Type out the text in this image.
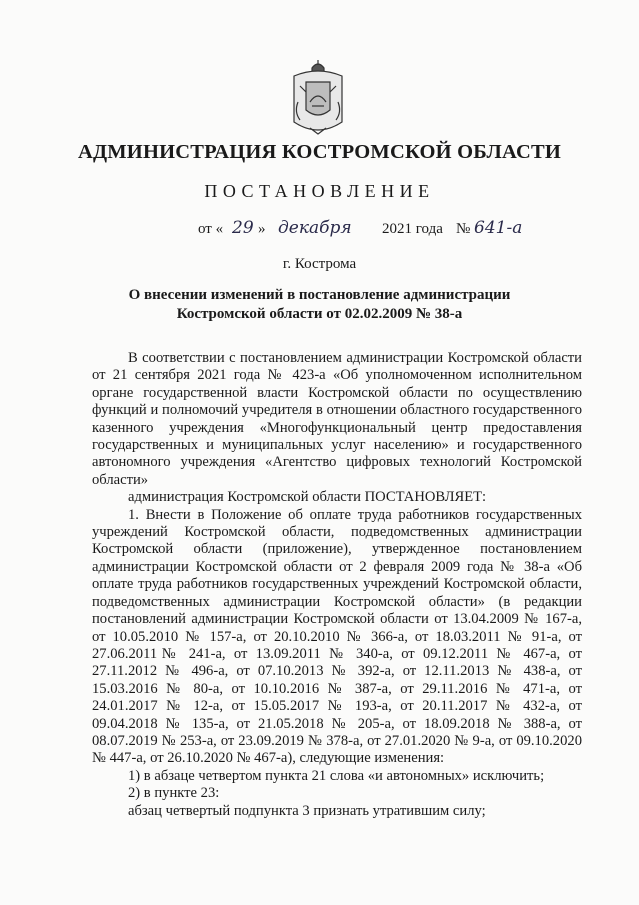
АДМИНИСТРАЦИЯ КОСТРОМСКОЙ ОБЛАСТИ
ПОСТАНОВЛЕНИЕ
от « 29 » декабря 2021 года № 641-а
г. Кострома
О внесении изменений в постановление администрации
Костромской области от 02.02.2009 № 38-а

В соответствии с постановлением администрации Костромской области от 21 сентября 2021 года № 423-а «Об уполномоченном исполнительном органе государственной власти Костромской области по осуществлению функций и полномочий учредителя в отношении областного государственного казенного учреждения «Многофункциональный центр предоставления государственных и муниципальных услуг населению» и государственного автономного учреждения «Агентство цифровых технологий Костромской области»

администрация Костромской области ПОСТАНОВЛЯЕТ:

1. Внести в Положение об оплате труда работников государственных учреждений Костромской области, подведомственных администрации Костромской области (приложение), утвержденное постановлением администрации Костромской области от 2 февраля 2009 года № 38-а «Об оплате труда работников государственных учреждений Костромской области, подведомственных администрации Костромской области» (в редакции постановлений администрации Костромской области от 13.04.2009 № 167-а, от 10.05.2010 № 157-а, от 20.10.2010 № 366-а, от 18.03.2011 № 91-а, от 27.06.2011№ 241-а, от 13.09.2011 № 340-а, от 09.12.2011 № 467-а, от 27.11.2012 № 496-а, от 07.10.2013 № 392-а, от 12.11.2013 № 438-а, от 15.03.2016 № 80-а, от 10.10.2016 № 387-а, от 29.11.2016 № 471-а, от 24.01.2017 № 12-а, от 15.05.2017 № 193-а, от 20.11.2017 № 432-а, от 09.04.2018 № 135-а, от 21.05.2018 № 205-а, от 18.09.2018 № 388-а, от 08.07.2019 № 253-а, от 23.09.2019 № 378-а, от 27.01.2020 № 9-а, от 09.10.2020 № 447-а, от 26.10.2020 № 467-а), следующие изменения:

1) в абзаце четвертом пункта 21 слова «и автономных» исключить;

2) в пункте 23:

абзац четвертый подпункта 3 признать утратившим силу;
